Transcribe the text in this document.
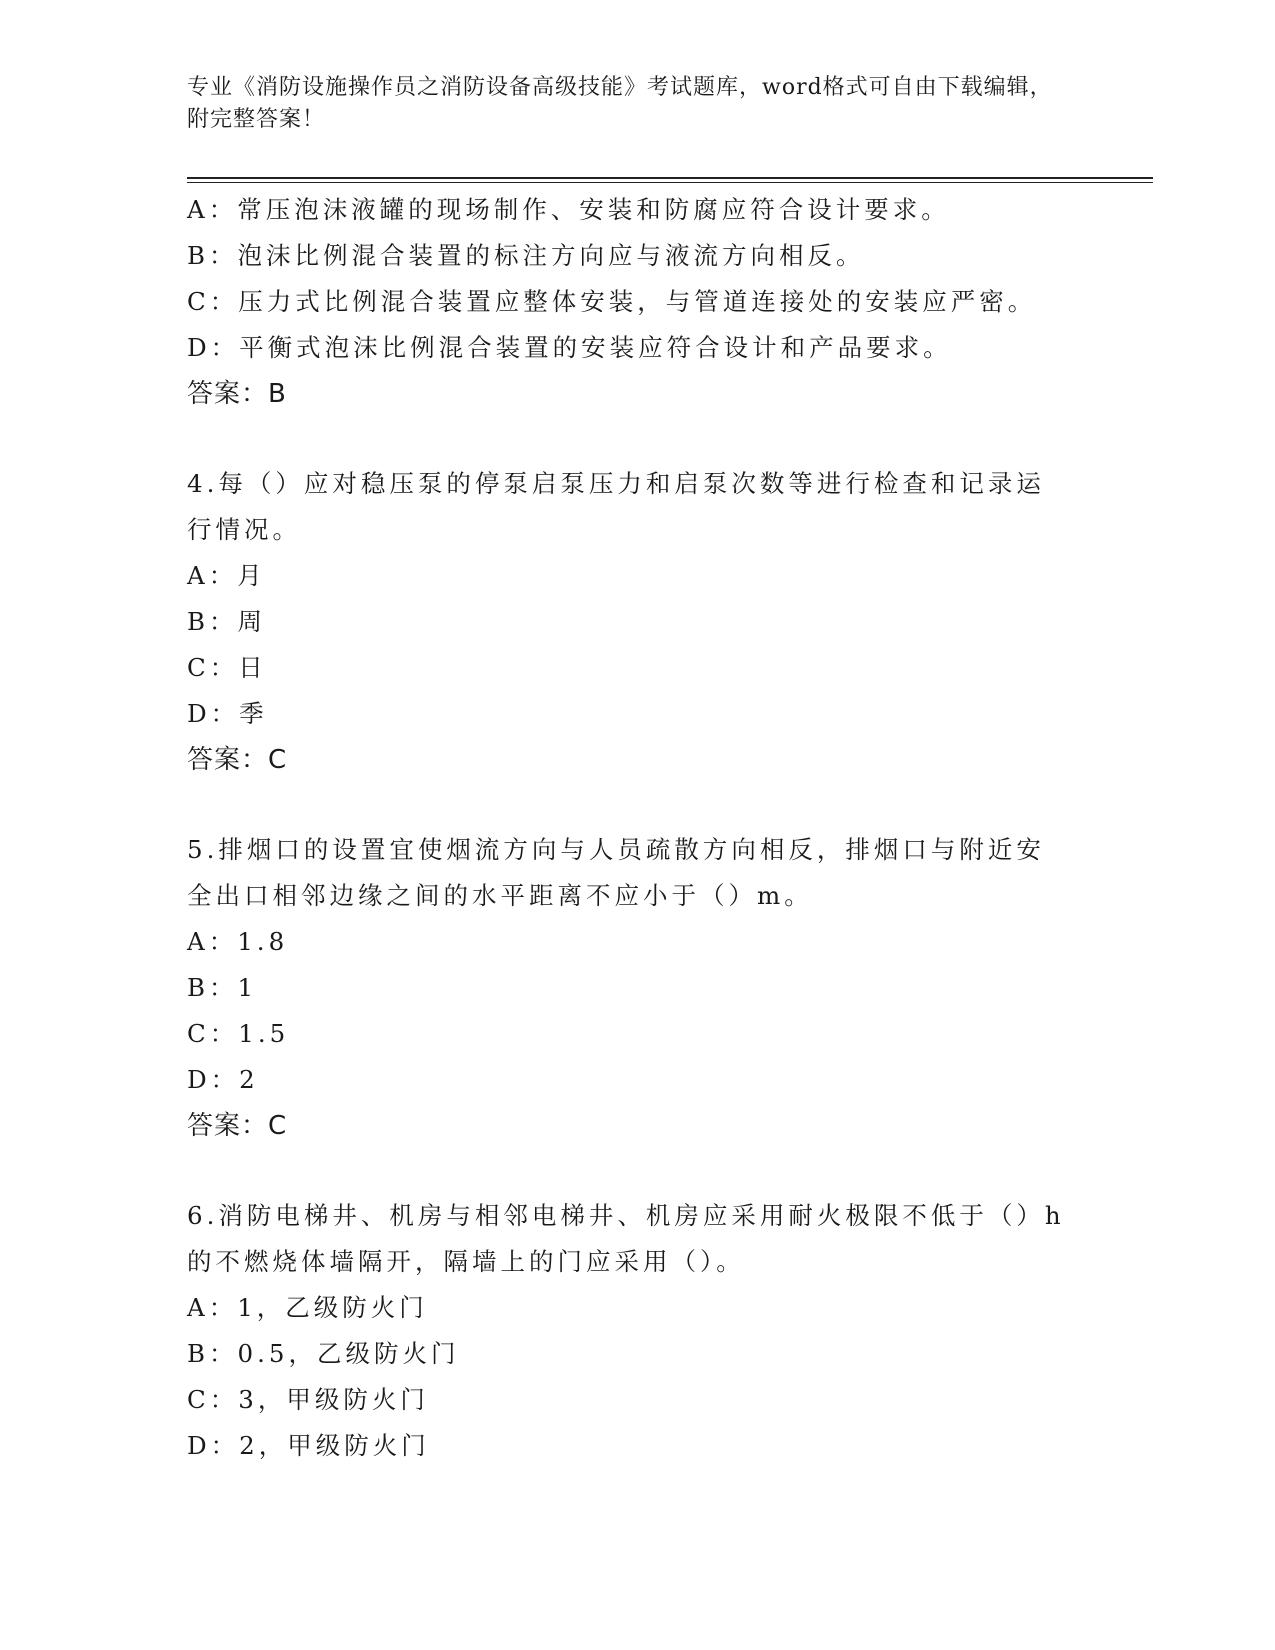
专业《消防设施操作员之消防设备高级技能》考试题库，word格式可自由下载编辑，附完整答案！
A：常压泡沫液罐的现场制作、安装和防腐应符合设计要求。
B：泡沫比例混合装置的标注方向应与液流方向相反。
C：压力式比例混合装置应整体安装，与管道连接处的安装应严密。
D：平衡式泡沫比例混合装置的安装应符合设计和产品要求。
答案：B
4.每（）应对稳压泵的停泵启泵压力和启泵次数等进行检查和记录运行情况。
A：月
B：周
C：日
D：季
答案：C
5.排烟口的设置宜使烟流方向与人员疏散方向相反，排烟口与附近安全出口相邻边缘之间的水平距离不应小于（）m。
A：1.8
B：1
C：1.5
D：2
答案：C
6.消防电梯井、机房与相邻电梯井、机房应采用耐火极限不低于（）h的不燃烧体墙隔开，隔墙上的门应采用（）。
A：1，乙级防火门
B：0.5，乙级防火门
C：3，甲级防火门
D：2，甲级防火门
